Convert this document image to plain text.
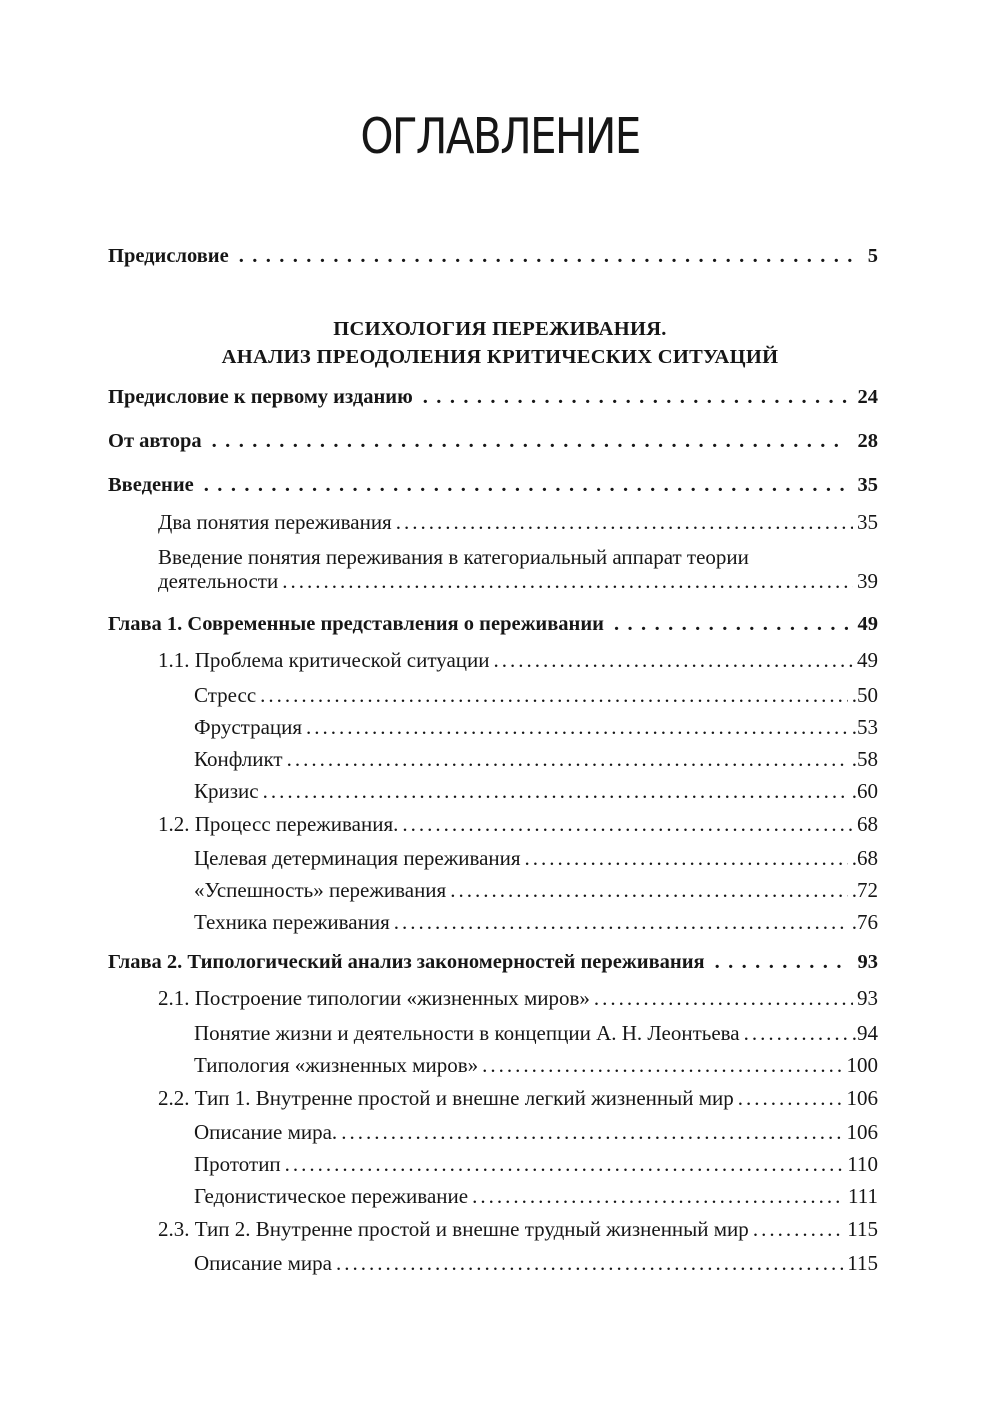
ОГЛАВЛЕНИЕ
Предисловие .....	5
ПСИХОЛОГИЯ ПЕРЕЖИВАНИЯ.
АНАЛИЗ ПРЕОДОЛЕНИЯ КРИТИЧЕСКИХ СИТУАЦИЙ
Предисловие к первому изданию .....	24
От автора .....	28
Введение .....	35
Два понятия переживания .....	35
Введение понятия переживания в категориальный аппарат теории
деятельности .....	39
Глава 1. Современные представления о переживании .....	49
1.1. Проблема критической ситуации .....	49
Стресс .....	.50
Фрустрация .....	.53
Конфликт .....	.58
Кризис .....	.60
1.2. Процесс переживания. .....	68
Целевая детерминация переживания .....	.68
«Успешность» переживания .....	.72
Техника переживания .....	.76
Глава 2. Типологический анализ закономерностей переживания .....	93
2.1. Построение типологии «жизненных миров» .....	93
Понятие жизни и деятельности в концепции А. Н. Леонтьева .....	.94
Типология «жизненных миров» .....	100
2.2. Тип 1. Внутренне простой и внешне легкий жизненный мир .....	106
Описание мира. .....	106
Прототип .....	110
Гедонистическое переживание .....	111
2.3. Тип 2. Внутренне простой и внешне трудный жизненный мир .....	115
Описание мира .....	115
